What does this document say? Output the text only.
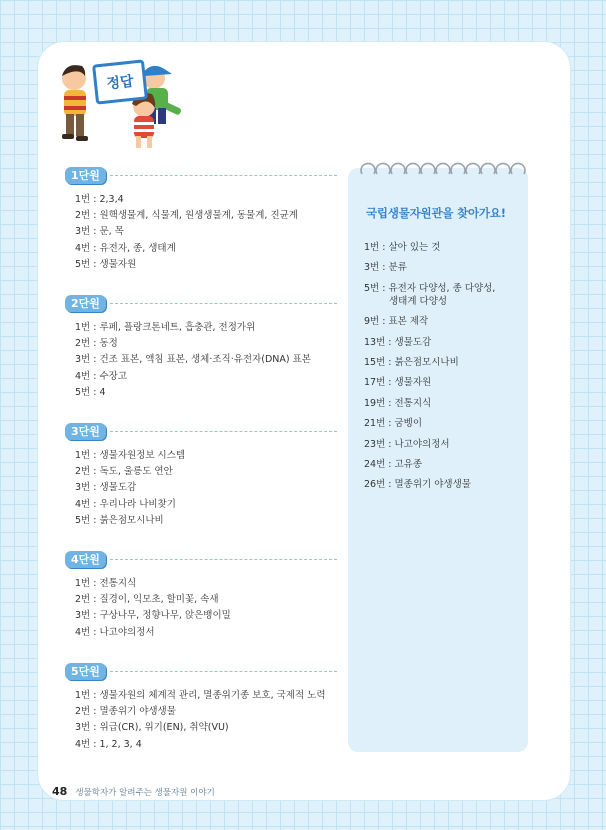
정답
1단원
1번 : 2,3,4
2번 : 원핵생물계, 식물계, 원생생물계, 동물계, 진균계
3번 : 문, 목
4번 : 유전자, 종, 생태계
5번 : 생물자원
2단원
1번 : 루페, 플랑크톤네트, 흡충관, 전정가위
2번 : 동정
3번 : 건조 표본, 액침 표본, 생체·조직·유전자(DNA) 표본
4번 : 수장고
5번 : 4
3단원
1번 : 생물자원정보 시스템
2번 : 독도, 울릉도 연안
3번 : 생물도감
4번 : 우리나라 나비찾기
5번 : 붉은점모시나비
4단원
1번 : 전통지식
2번 : 질경이, 익모초, 할미꽃, 속새
3번 : 구상나무, 정향나무, 앉은뱅이밀
4번 : 나고야의정서
5단원
1번 : 생물자원의 체계적 관리, 멸종위기종 보호, 국제적 노력
2번 : 멸종위기 야생생물
3번 : 위급(CR), 위기(EN), 취약(VU)
4번 : 1, 2, 3, 4
국립생물자원관을 찾아가요!
1번 : 살아 있는 것
3번 : 분류
5번 : 유전자 다양성, 종 다양성,
생태계 다양성
9번 : 표본 제작
13번 : 생물도감
15번 : 붉은점모시나비
17번 : 생물자원
19번 : 전통지식
21번 : 굼벵이
23번 : 나고야의정서
24번 : 고유종
26번 : 멸종위기 야생생물
48 생물학자가 알려주는 생물자원 이야기
